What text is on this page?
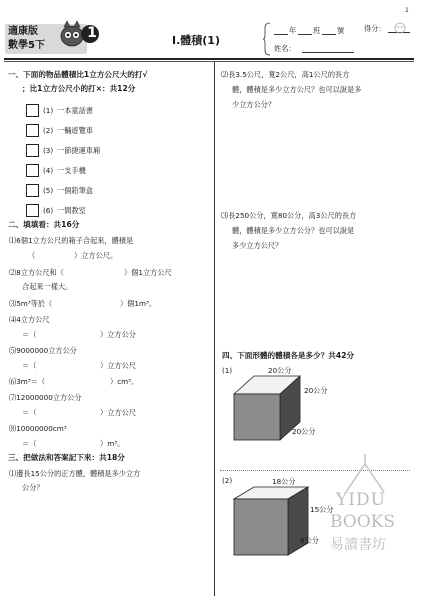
1
適康版
數學5下
1	I.體積(1)
年 班 號
姓名：
得分：
一、下面的物品體積比1立方公尺大的打√
；比1立方公尺小的打×：共12分
(1) 一本童話書
(2) 一輛遊覽車
(3) 一節捷運車廂
(4) 一支手機
(5) 一個鉛筆盒
(6) 一間教室
二、填填看：共16分
⑴6個1立方公尺的箱子合起來，體積是
（	）立方公尺。
⑵8立方公尺和（	）個1立方公尺
合起來一樣大。
⑶5m³等於（	）個1m³。
⑷4立方公尺
＝（	）立方公分
⑸9000000立方公分
＝（	）立方公尺
⑹3m³＝（	）cm³。
⑺12000000立方公分
＝（	）立方公尺
⑻10000000cm³
＝（	）m³。
三、把做法和答案記下來：共18分
⑴邊長15公分的正方體，體積是多少立方
公分？
⑵長3.5公尺，寬2公尺，高1公尺的長方
體，體積是多少立方公尺？也可以說是多
少立方公分？
⑶長250公分，寬80公分，高3公尺的長方
體，體積是多少立方公分？也可以說是
多少立方公尺？
四、下面形體的體積各是多少？共42分
(1)	20公分
20公分
20公分
(2)	18公分
15公分
8公分
YIDU
BOOKS
易讀書坊
